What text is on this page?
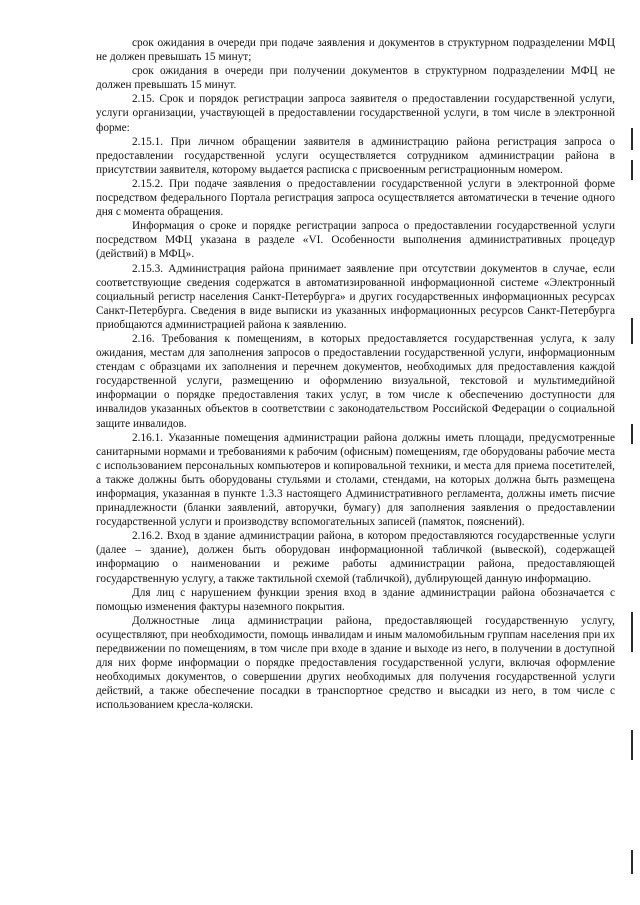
срок ожидания в очереди при подаче заявления и документов в структурном подразделении МФЦ не должен превышать 15 минут;

срок ожидания в очереди при получении документов в структурном подразделении МФЦ не должен превышать 15 минут.

2.15. Срок и порядок регистрации запроса заявителя о предоставлении государственной услуги, услуги организации, участвующей в предоставлении государственной услуги, в том числе в электронной форме:

2.15.1. При личном обращении заявителя в администрацию района регистрация запроса о предоставлении государственной услуги осуществляется сотрудником администрации района в присутствии заявителя, которому выдается расписка с присвоенным регистрационным номером.

2.15.2. При подаче заявления о предоставлении государственной услуги в электронной форме посредством федерального Портала регистрация запроса осуществляется автоматически в течение одного дня с момента обращения.

Информация о сроке и порядке регистрации запроса о предоставлении государственной услуги посредством МФЦ указана в разделе «VI. Особенности выполнения административных процедур (действий) в МФЦ».

2.15.3. Администрация района принимает заявление при отсутствии документов в случае, если соответствующие сведения содержатся в автоматизированной информационной системе «Электронный социальный регистр населения Санкт-Петербурга» и других государственных информационных ресурсах Санкт-Петербурга. Сведения в виде выписки из указанных информационных ресурсов Санкт-Петербурга приобщаются администрацией района к заявлению.

2.16. Требования к помещениям, в которых предоставляется государственная услуга, к залу ожидания, местам для заполнения запросов о предоставлении государственной услуги, информационным стендам с образцами их заполнения и перечнем документов, необходимых для предоставления каждой государственной услуги, размещению и оформлению визуальной, текстовой и мультимедийной информации о порядке предоставления таких услуг, в том числе к обеспечению доступности для инвалидов указанных объектов в соответствии с законодательством Российской Федерации о социальной защите инвалидов.

2.16.1. Указанные помещения администрации района должны иметь площади, предусмотренные санитарными нормами и требованиями к рабочим (офисным) помещениям, где оборудованы рабочие места с использованием персональных компьютеров и копировальной техники, и места для приема посетителей, а также должны быть оборудованы стульями и столами, стендами, на которых должна быть размещена информация, указанная в пункте 1.3.3 настоящего Административного регламента, должны иметь писчие принадлежности (бланки заявлений, авторучки, бумагу) для заполнения заявления о предоставлении государственной услуги и производству вспомогательных записей (памяток, пояснений).

2.16.2. Вход в здание администрации района, в котором предоставляются государственные услуги (далее – здание), должен быть оборудован информационной табличкой (вывеской), содержащей информацию о наименовании и режиме работы администрации района, предоставляющей государственную услугу, а также тактильной схемой (табличкой), дублирующей данную информацию.

Для лиц с нарушением функции зрения вход в здание администрации района обозначается с помощью изменения фактуры наземного покрытия.

Должностные лица администрации района, предоставляющей государственную услугу, осуществляют, при необходимости, помощь инвалидам и иным маломобильным группам населения при их передвижении по помещениям, в том числе при входе в здание и выходе из него, в получении в доступной для них форме информации о порядке предоставления государственной услуги, включая оформление необходимых документов, о совершении других необходимых для получения государственной услуги действий, а также обеспечение посадки в транспортное средство и высадки из него, в том числе с использованием кресла-коляски.
